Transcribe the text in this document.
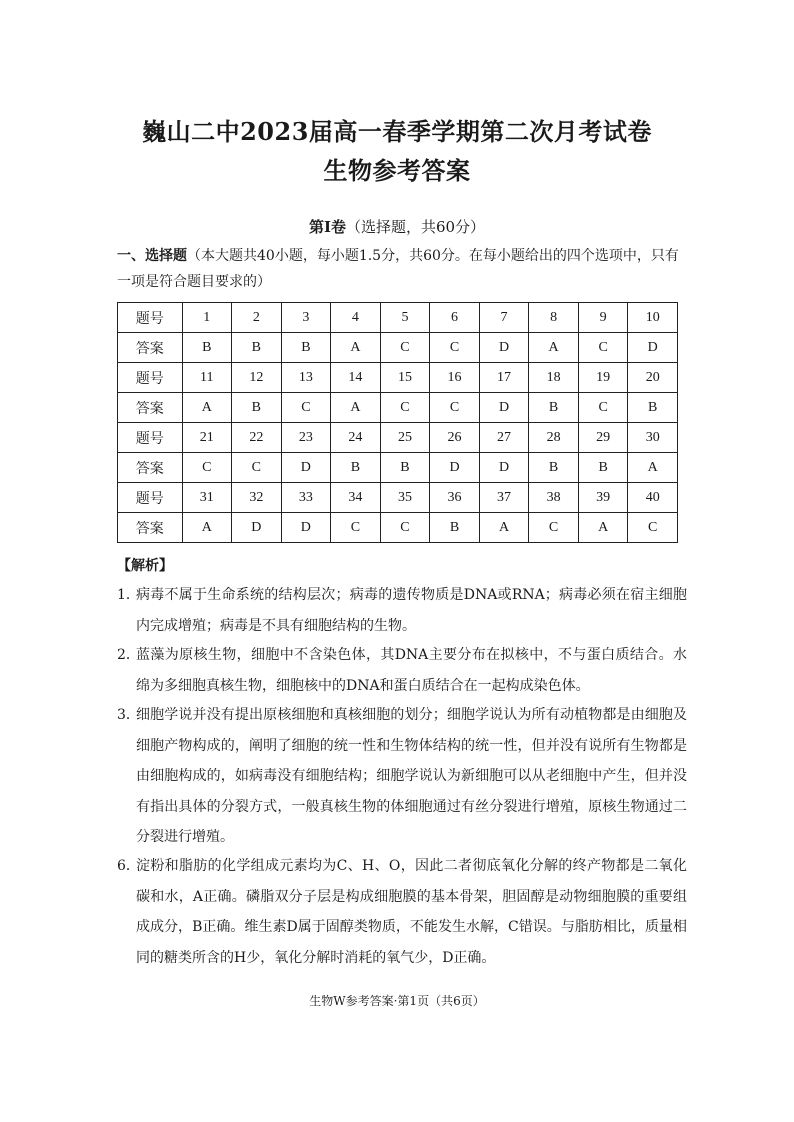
巍山二中2023届高一春季学期第二次月考试卷
生物参考答案
第Ⅰ卷（选择题，共60分）
一、选择题（本大题共40小题，每小题1.5分，共60分。在每小题给出的四个选项中，只有
一项是符合题目要求的）
题号	1	2	3	4	5	6	7	8	9	10
答案	B	B	B	A	C	C	D	A	C	D
题号	11	12	13	14	15	16	17	18	19	20
答案	A	B	C	A	C	C	D	B	C	B
题号	21	22	23	24	25	26	27	28	29	30
答案	C	C	D	B	B	D	D	B	B	A
题号	31	32	33	34	35	36	37	38	39	40
答案	A	D	D	C	C	B	A	C	A	C
【解析】
1．
病毒不属于生命系统的结构层次；病毒的遗传物质是DNA或RNA；病毒必须在宿主细胞内完成增殖；病毒是不具有细胞结构的生物。
2．
蓝藻为原核生物，细胞中不含染色体，其DNA主要分布在拟核中，不与蛋白质结合。水绵为多细胞真核生物，细胞核中的DNA和蛋白质结合在一起构成染色体。
3．
细胞学说并没有提出原核细胞和真核细胞的划分；细胞学说认为所有动植物都是由细胞及细胞产物构成的，阐明了细胞的统一性和生物体结构的统一性，但并没有说所有生物都是由细胞构成的，如病毒没有细胞结构；细胞学说认为新细胞可以从老细胞中产生，但并没有指出具体的分裂方式，一般真核生物的体细胞通过有丝分裂进行增殖，原核生物通过二分裂进行增殖。
6．
淀粉和脂肪的化学组成元素均为C、H、O，因此二者彻底氧化分解的终产物都是二氧化碳和水，A正确。磷脂双分子层是构成细胞膜的基本骨架，胆固醇是动物细胞膜的重要组成成分，B正确。维生素D属于固醇类物质，不能发生水解，C错误。与脂肪相比，质量相同的糖类所含的H少，氧化分解时消耗的氧气少，D正确。
生物W参考答案·第1页（共6页）
